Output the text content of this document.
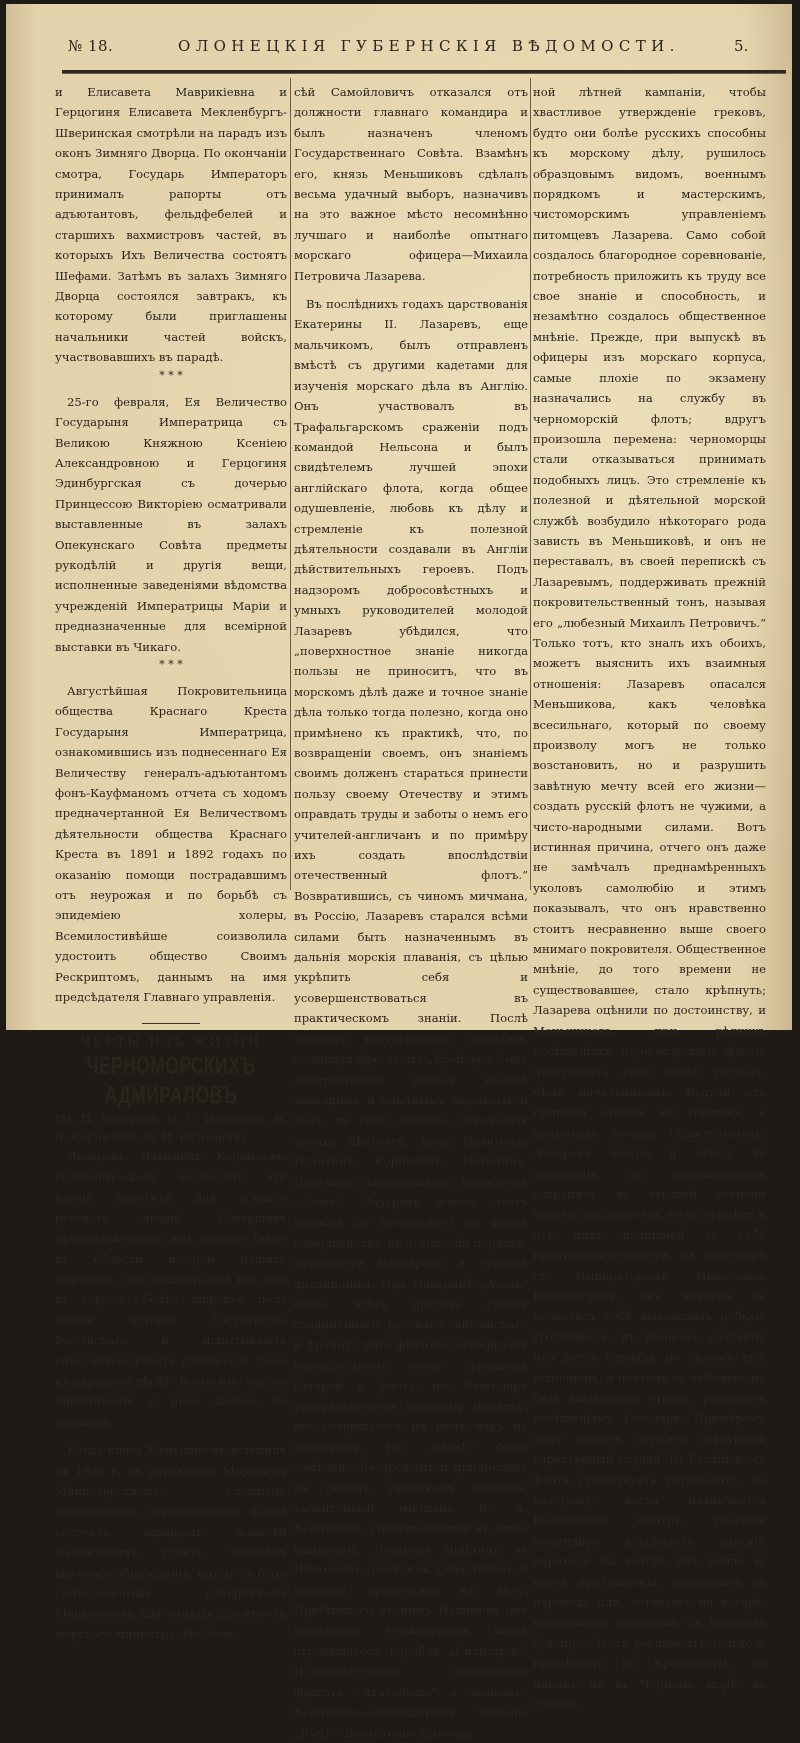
№ 18.	ОЛОНЕЦКІЯ ГУБЕРНСКІЯ ВѢДОМОСТИ.	5.

и Елисавета Маврикіевна и Герцогиня Елисавета Мекленбургъ-Шверинская смотрѣли на парадъ изъ оконъ Зимняго Дворца. По окончаніи смотра, Государь Императоръ принималъ рапорты отъ адъютантовъ, фельдфебелей и старшихъ вахмистровъ частей, въ которыхъ Ихъ Величества состоятъ Шефами. Затѣмъ въ залахъ Зимняго Дворца состоялся завтракъ, къ которому были приглашены начальники частей войскъ, участвовавшихъ въ парадѣ.

* * *

25-го февраля, Ея Величество Государыня Императрица съ Великою Княжною Ксеніею Александровною и Герцогиня Эдинбургская съ дочерью Принцессою Викторіею осматривали выставленные въ залахъ Опекунскаго Совѣта предметы рукодѣлій и другія вещи, исполненные заведеніями вѣдомства учрежденій Императрицы Маріи и предназначенные для всемірной выставки въ Чикаго.

* * *

Августѣйшая Покровительница общества Краснаго Креста Государыня Императрица, ознакомившись изъ поднесеннаго Ея Величеству генералъ-адъютантомъ фонъ-Кауфманомъ отчета съ ходомъ предначертанной Ея Величествомъ дѣятельности общества Краснаго Креста въ 1891 и 1892 годахъ по оказанію помощи пострадавшимъ отъ неурожая и по борьбѣ съ эпидеміею холеры, Всемилостивѣйше соизволила удостоить общество Своимъ Рескриптомъ, даннымъ на имя предсѣдателя Главнаго управленія.

ЧЕРТЫ ИЗЪ ЖИЗНИ
ЧЕРНОМОРСКИХЪ АДМИРАЛОВЪ

(М. П. Лазаревъ, П. С. Нахимовъ, В. А. Корниловъ, В. И. Истоминъ).

Лазаревъ, Нахимовъ, Корниловъ, Истоминъ—кому незнакомы эти имена дорогихъ для всякаго русскаго людей. Совершивъ предназначенное имъ славное бытіе въ области исторіи нашихъ моряковъ, они выдвинулись изъ нея въ гораздо болѣе широкое поле общей исторіи Государства Россійскаго и испытываютъ счастливую участь слышаться даже въ народной пѣснѣ. Возможно частое напоминаніе о нихъ далеко не излишне.

Когда князь Меньшиковъ вступилъ въ 1836 г. въ управленіе Морскимъ Министерствомъ, главнымъ командиромъ черноморскаго флота состоялъ адмиралъ Алексѣй Самойловичъ Грейгъ, человѣкъ высокаго образованія; онъ могъ быть единственнымъ соперникомъ Меньшикова для занятія должности морскаго министра. Но Алек-

сѣй Самойловичъ отказался отъ должности главнаго командира и былъ назначенъ членомъ Государственнаго Совѣта. Взамѣнъ его, князь Меньшиковъ сдѣлалъ весьма удачный выборъ, назначивъ на это важное мѣсто несомнѣнно лучшаго и наиболѣе опытнаго морскаго офицера—Михаила Петровича Лазарева.

Въ послѣднихъ годахъ царствованія Екатерины II. Лазаревъ, еще мальчикомъ, былъ отправленъ вмѣстѣ съ другими кадетами для изученія морскаго дѣла въ Англію. Онъ участвовалъ въ Трафальгарскомъ сраженіи подъ командой Нельсона и былъ свидѣтелемъ лучшей эпохи англійскаго флота, когда общее одушевленіе, любовь къ дѣлу и стремленіе къ полезной дѣятельности создавали въ Англіи дѣйствительныхъ героевъ. Подъ надзоромъ добросовѣстныхъ и умныхъ руководителей молодой Лазаревъ убѣдился, что „поверхностное знаніе никогда пользы не приноситъ, что въ морскомъ дѣлѣ даже и точное знаніе дѣла только тогда полезно, когда оно примѣнено къ практикѣ, что, по возвращеніи своемъ, онъ знаніемъ своимъ долженъ стараться принести пользу своему Отечеству и этимъ оправдать труды и заботы о немъ его учителей-англичанъ и по примѣру ихъ создать впослѣдствіи отечественный флотъ.“ Возвратившись, съ чиномъ мичмана, въ Россію, Лазаревъ старался всѣми силами быть назначеннымъ въ дальнія морскія плаванія, съ цѣлью укрѣпить себя и усовершенствоваться въ практическомъ знаніи. Послѣ третьяго кругосвѣтнаго плаванія, командуя фрегатомъ „Крейсеръ,“ онъ дѣйствительно явился вполнѣ знающимъ и опытнымъ морякомъ и могъ, въ свою очередь, образовать такихъ дѣятелей, какъ Нахимовъ, Путятинъ, Корниловъ, Истоминъ. Получивъ командованіе кораблемъ „Азовъ,“ Лазаревъ довелъ этотъ корабль до небывалаго во флотѣ совершенства, въ отношеніи порядка, отчетности маневровъ и строгой дисциплины. При Наваринѣ „Азовъ“ болѣе всѣхъ другихъ судовъ соединеннаго русскаго, англійскаго и французскаго флотовъ подвергался перекрестному огню турецкихъ батарей и флота; но, благодаря утвердившемуся военному порядку, все совершалось на немъ какъ на маневрахъ. На „Азовѣ“ былъ замѣченъ Лазаревымъ и причисленъ къ своимъ ученикамъ молодой, талантливый мичманъ В. А. Корниловъ. Произведенный въ вице-адмиралы, Лазаревъ пріѣхалъ въ Николаевъ, посѣтилъ Севастополь и немедля приступилъ къ дѣлу. Прибывшаго съ нимъ Нахимова онъ назначилъ командиромъ вновь строившагося корабля „Силистрія,“ Путятина—вновь спущеннаго фрегата „Агатополь,“ а молодаго Корнилова—командиромъ тендера „Лучъ.“ Достаточно было од-

ной лѣтней кампаніи, чтобы хвастливое утвержденіе грековъ, будто они болѣе русскихъ способны къ морскому дѣлу, рушилось образцовымъ видомъ, военнымъ порядкомъ и мастерскимъ, чистоморскимъ управленіемъ питомцевъ Лазарева. Само собой создалось благородное соревнованіе, потребность приложить къ труду все свое знаніе и способность, и незамѣтно создалось общественное мнѣніе. Прежде, при выпускѣ въ офицеры изъ морскаго корпуса, самые плохіе по экзамену назначались на службу въ черноморскій флотъ; вдругъ произошла перемена: черноморцы стали отказываться принимать подобныхъ лицъ. Это стремленіе къ полезной и дѣятельной морской службѣ возбудило нѣкотораго рода зависть въ Меньшиковѣ, и онъ не переставалъ, въ своей перепискѣ съ Лазаревымъ, поддерживать прежній покровительственный тонъ, называя его „любезный Михаилъ Петровичъ.“ Только тотъ, кто зналъ ихъ обоихъ, можетъ выяснить ихъ взаимныя отношенія: Лазаревъ опасался Меньшикова, какъ человѣка всесильнаго, который по своему произволу могъ не только возстановить, но и разрушить завѣтную мечту всей его жизни—создать русскій флотъ не чужими, а чисто-народными силами. Вотъ истинная причина, отчего онъ даже не замѣчалъ преднамѣренныхъ уколовъ самолюбію и этимъ показывалъ, что онъ нравственно стоитъ несравненно выше своего мнимаго покровителя. Общественное мнѣніе, до того времени не существовавшее, стало крѣпнуть; Лазарева оцѣнили по достоинству, и Меньшиковъ, при рѣдкихъ посѣщеніяхъ черноморскаго флота, чувствовалъ себя болѣе гостемъ, чѣмъ начальникомъ. Будучи отъ природы отнюдь не гордымъ, а напротивъ весьма общительнымъ, Лазаревъ всегда и всюду въ обращеніи съ подчиненными сохранялъ въ высшей степени чувство достоинства, но не терпѣлъ и отъ нихъ излишней къ себѣ предупредительности. Въ разговорѣ съ Императоромъ Николаемъ Павловичемъ, онъ никогда не позволялъ себѣ выказывать робкую угодливость, въ полномъ сознаніи, что долгъ службы, по силамъ его, исполненъ, и поэтому съ любовью, но безъ малѣйшаго страха, радовался посѣщеніямъ Государя. Примѣромъ тому можетъ служить слѣдующій характерный случай. Въ балтійскомъ флотѣ существуетъ регламентъ, по которому, когда назначается Высочайшій смотръ, главный командиръ встрѣчаетъ царскій пароходъ на катерѣ внѣ рейда и, послѣ приглашенія, переходитъ на пароходъ или, оставаясь на катерѣ, принимаетъ поданный съ парохода буксиръ. Этотъ регламентъ только и примѣнимъ въ Кронштадтѣ, но никакъ не въ Черномъ морѣ, въ особен-
